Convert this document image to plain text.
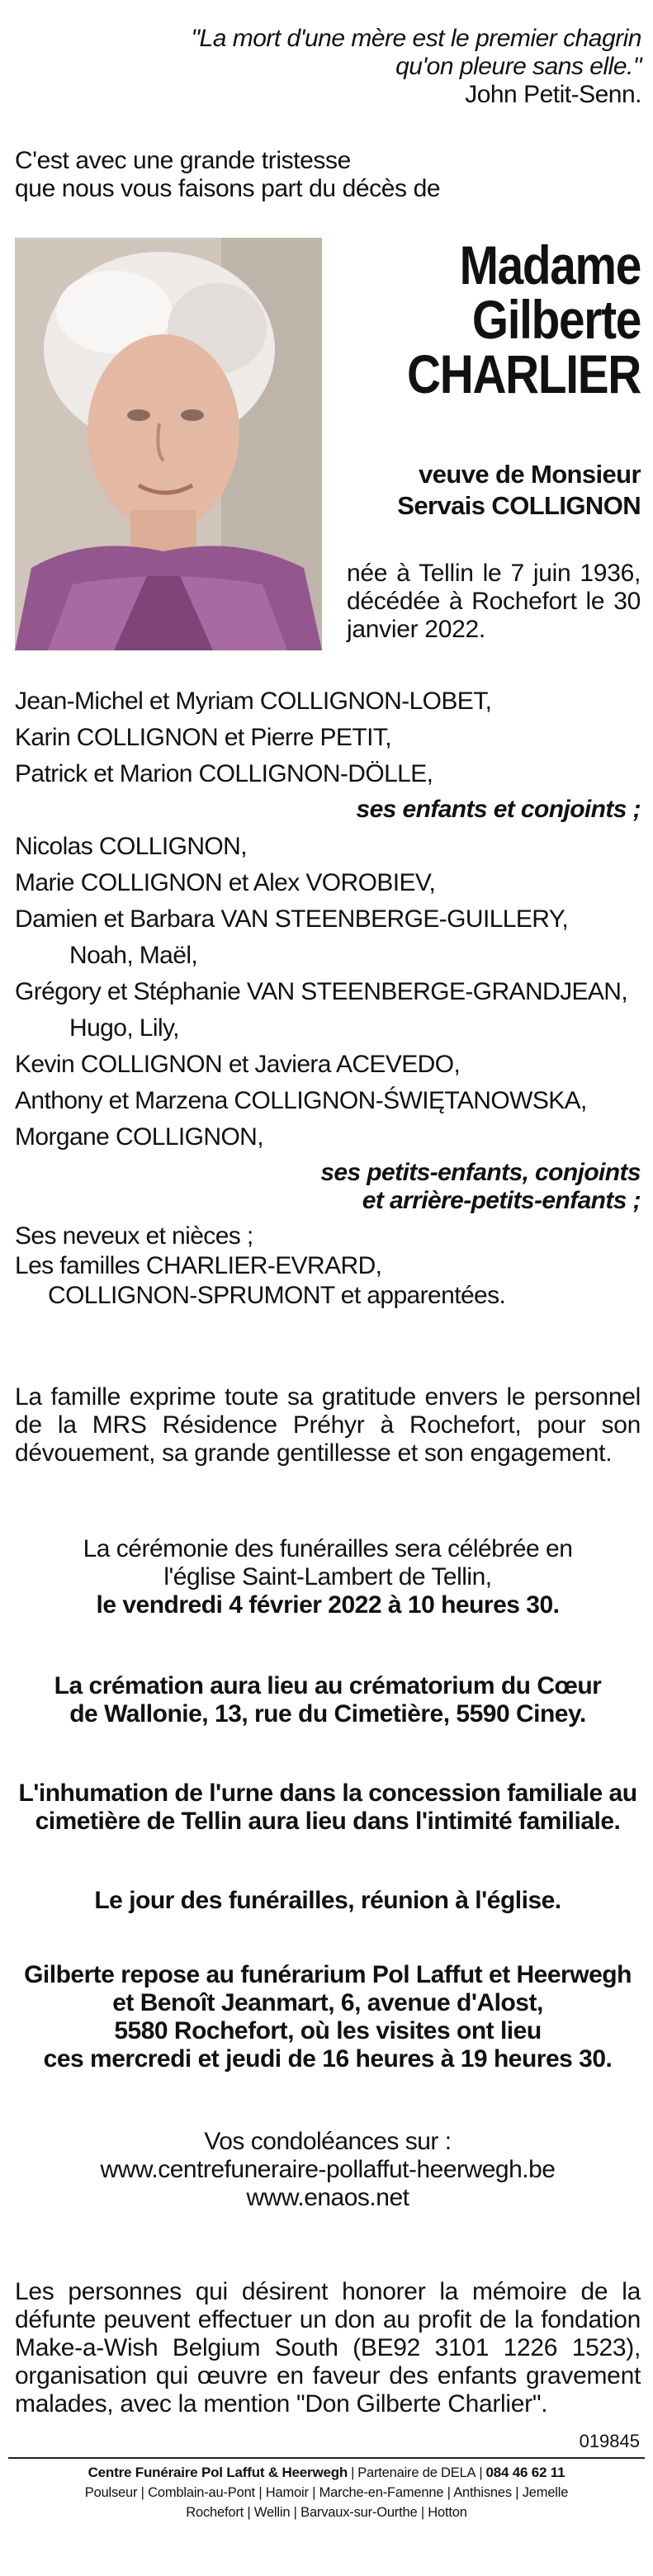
"La mort d'une mère est le premier chagrin
qu'on pleure sans elle."
John Petit-Senn.
C'est avec une grande tristesse
que nous vous faisons part du décès de
Madame
Gilberte
CHARLIER
veuve de Monsieur
Servais COLLIGNON
née à Tellin le 7 juin 1936, décédée à Rochefort le 30 janvier 2022.
Jean-Michel et Myriam COLLIGNON-LOBET,
Karin COLLIGNON et Pierre PETIT,
Patrick et Marion COLLIGNON-DÖLLE,
ses enfants et conjoints ;
Nicolas COLLIGNON,
Marie COLLIGNON et Alex VOROBIEV,
Damien et Barbara VAN STEENBERGE-GUILLERY,
Noah, Maël,
Grégory et Stéphanie VAN STEENBERGE-GRANDJEAN,
Hugo, Lily,
Kevin COLLIGNON et Javiera ACEVEDO,
Anthony et Marzena COLLIGNON-ŚWIĘTANOWSKA,
Morgane COLLIGNON,
ses petits-enfants, conjoints
et arrière-petits-enfants ;
Ses neveux et nièces ;
Les familles CHARLIER-EVRARD,
COLLIGNON-SPRUMONT et apparentées.
La famille exprime toute sa gratitude envers le personnel de la MRS Résidence Préhyr à Rochefort, pour son dévouement, sa grande gentillesse et son engagement.
La cérémonie des funérailles sera célébrée en
l'église Saint-Lambert de Tellin,
le vendredi 4 février 2022 à 10 heures 30.
La crémation aura lieu au crématorium du Cœur
de Wallonie, 13, rue du Cimetière, 5590 Ciney.
L'inhumation de l'urne dans la concession familiale au
cimetière de Tellin aura lieu dans l'intimité familiale.
Le jour des funérailles, réunion à l'église.
Gilberte repose au funérarium Pol Laffut et Heerwegh
et Benoît Jeanmart, 6, avenue d'Alost,
5580 Rochefort, où les visites ont lieu
ces mercredi et jeudi de 16 heures à 19 heures 30.
Vos condoléances sur :
www.centrefuneraire-pollaffut-heerwegh.be
www.enaos.net
Les personnes qui désirent honorer la mémoire de la défunte peuvent effectuer un don au profit de la fondation Make-a-Wish Belgium South (BE92 3101 1226 1523), organisation qui œuvre en faveur des enfants gravement malades, avec la mention "Don Gilberte Charlier".
019845
Centre Funéraire Pol Laffut & Heerwegh | Partenaire de DELA | 084 46 62 11
Poulseur | Comblain-au-Pont | Hamoir | Marche-en-Famenne | Anthisnes | Jemelle
Rochefort | Wellin | Barvaux-sur-Ourthe | Hotton
